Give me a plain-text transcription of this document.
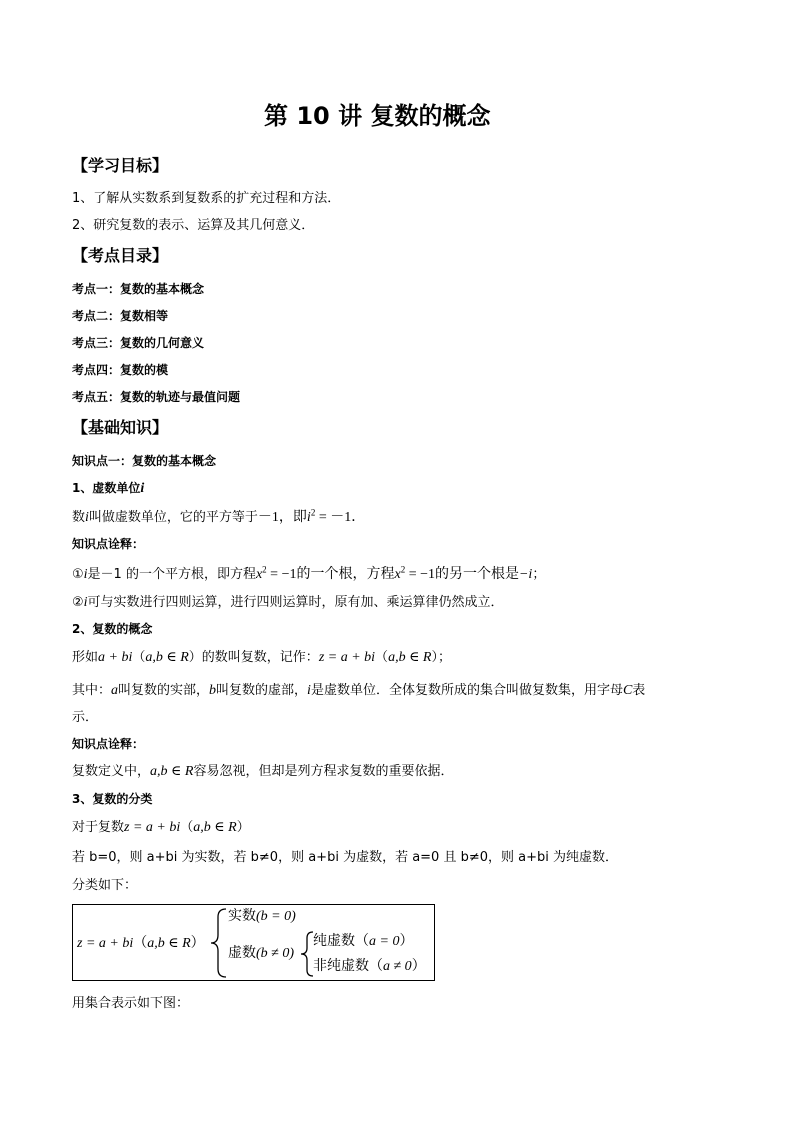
第 10 讲 复数的概念
【学习目标】
1、了解从实数系到复数系的扩充过程和方法．
2、研究复数的表示、运算及其几何意义．
【考点目录】
考点一：复数的基本概念
考点二：复数相等
考点三：复数的几何意义
考点四：复数的模
考点五：复数的轨迹与最值问题
【基础知识】
知识点一：复数的基本概念
1、虚数单位i
数i叫做虚数单位，它的平方等于－1，即$i^2 = -1$．
知识点诠释：
①i是－1 的一个平方根，即方程$x^2 = -1$的一个根，方程$x^2 = -1$的另一个根是−i；
②i可与实数进行四则运算，进行四则运算时，原有加、乘运算律仍然成立．
2、复数的概念
形如a + bi（a,b ∈ R）的数叫复数，记作：z = a + bi（a,b ∈ R）；
其中：a叫复数的实部，b叫复数的虚部，i是虚数单位．全体复数所成的集合叫做复数集，用字母C表
示．
知识点诠释：
复数定义中，a,b ∈ R容易忽视，但却是列方程求复数的重要依据．
3、复数的分类
对于复数z = a + bi（a,b ∈ R）
若 b=0，则 a+bi 为实数，若 b≠0，则 a+bi 为虚数，若 a=0 且 b≠0，则 a+bi 为纯虚数．
分类如下：
z = a + bi（a,b ∈ R）
实数(b = 0)
虚数(b ≠ 0)
纯虚数（a = 0）
非纯虚数（a ≠ 0）
用集合表示如下图：
